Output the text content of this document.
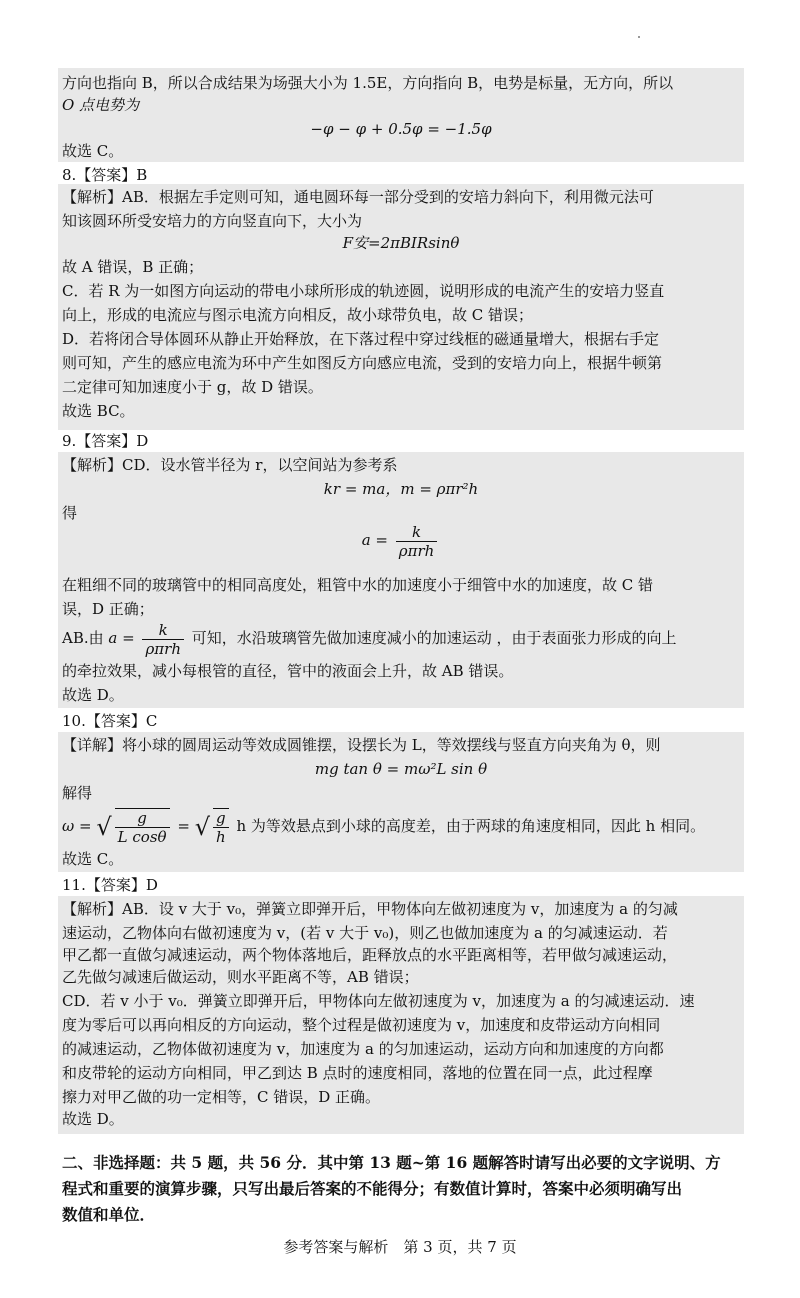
方向也指向 B，所以合成结果为场强大小为 1.5E，方向指向 B，电势是标量，无方向，所以
O 点电势为
−φ − φ + 0.5φ = −1.5φ
故选 C。
8.【答案】B
【解析】AB．根据左手定则可知，通电圆环每一部分受到的安培力斜向下，利用微元法可
知该圆环所受安培力的方向竖直向下，大小为
F安=2πBIRsinθ
故 A 错误，B 正确；
C．若 R 为一如图方向运动的带电小球所形成的轨迹圆，说明形成的电流产生的安培力竖直
向上，形成的电流应与图示电流方向相反，故小球带负电，故 C 错误；
D．若将闭合导体圆环从静止开始释放，在下落过程中穿过线框的磁通量增大，根据右手定
则可知，产生的感应电流为环中产生如图反方向感应电流，受到的安培力向上，根据牛顿第
二定律可知加速度小于 g，故 D 错误。
故选 BC。
9.【答案】D
【解析】CD．设水管半径为 r，以空间站为参考系
kr = ma，m = ρπr²h
得
$a = \frac{k}{\text{ρπrh}}$
在粗细不同的玻璃管中的相同高度处，粗管中水的加速度小于细管中水的加速度，故 C 错
误，D 正确；
AB.由 $a = \frac{k}{\text{ρπrh}}$ 可知，水沿玻璃管先做加速度减小的加速运动 ，由于表面张力形成的向上
的牵拉效果，减小每根管的直径，管中的液面会上升，故 AB 错误。
故选 D。
10.【答案】C
【详解】将小球的圆周运动等效成圆锥摆，设摆长为 L，等效摆线与竖直方向夹角为 θ，则
mg tan θ = mω²L sin θ
解得
ω = √ $\frac{g}{\text{L cosθ}}$ = √ $\frac{g}{h}$ h 为等效悬点到小球的高度差，由于两球的角速度相同，因此 h 相同。
故选 C。
11.【答案】D
【解析】AB．设 v 大于 v₀，弹簧立即弹开后，甲物体向左做初速度为 v，加速度为 a 的匀减
速运动，乙物体向右做初速度为 v，(若 v 大于 v₀)，则乙也做加速度为 a 的匀减速运动．若
甲乙都一直做匀减速运动，两个物体落地后，距释放点的水平距离相等，若甲做匀减速运动，
乙先做匀减速后做运动，则水平距离不等，AB 错误；
CD．若 v 小于 v₀．弹簧立即弹开后，甲物体向左做初速度为 v，加速度为 a 的匀减速运动．速
度为零后可以再向相反的方向运动，整个过程是做初速度为 v，加速度和皮带运动方向相同
的减速运动，乙物体做初速度为 v，加速度为 a 的匀加速运动，运动方向和加速度的方向都
和皮带轮的运动方向相同，甲乙到达 B 点时的速度相同，落地的位置在同一点，此过程摩
擦力对甲乙做的功一定相等，C 错误，D 正确。
故选 D。
二、非选择题：共 5 题，共 56 分．其中第 13 题~第 16 题解答时请写出必要的文字说明、方
程式和重要的演算步骤，只写出最后答案的不能得分；有数值计算时，答案中必须明确写出
数值和单位．
参考答案与解析　第 3 页，共 7 页
